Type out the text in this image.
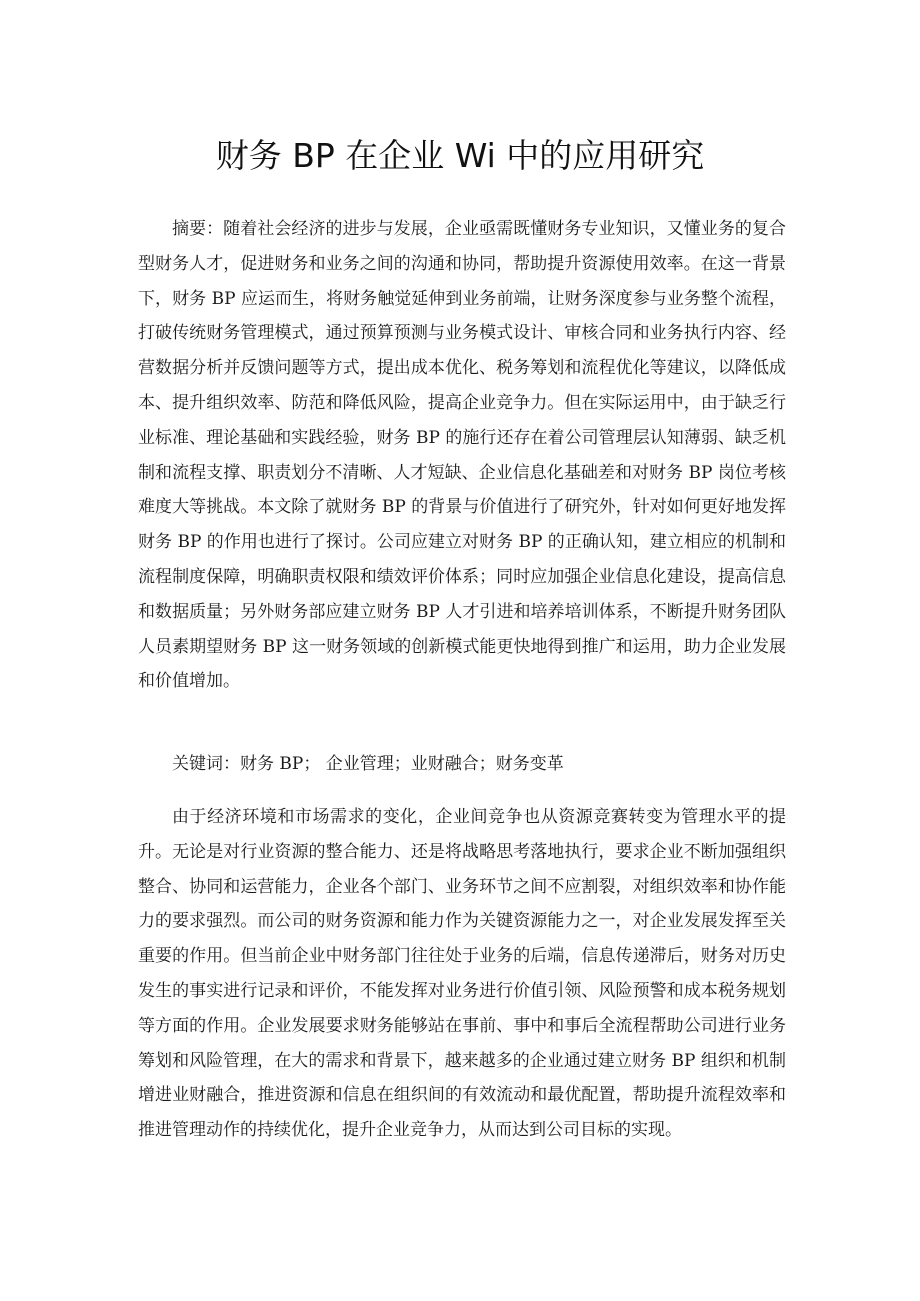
财务 BP 在企业 Wi 中的应用研究

摘要：随着社会经济的进步与发展，企业亟需既懂财务专业知识，又懂业务的复合型财务人才，促进财务和业务之间的沟通和协同，帮助提升资源使用效率。在这一背景下，财务 BP 应运而生，将财务触觉延伸到业务前端，让财务深度参与业务整个流程，打破传统财务管理模式，通过预算预测与业务模式设计、审核合同和业务执行内容、经营数据分析并反馈问题等方式，提出成本优化、税务筹划和流程优化等建议，以降低成本、提升组织效率、防范和降低风险，提高企业竞争力。但在实际运用中，由于缺乏行业标准、理论基础和实践经验，财务 BP 的施行还存在着公司管理层认知薄弱、缺乏机制和流程支撑、职责划分不清晰、人才短缺、企业信息化基础差和对财务 BP 岗位考核难度大等挑战。本文除了就财务 BP 的背景与价值进行了研究外，针对如何更好地发挥财务 BP 的作用也进行了探讨。公司应建立对财务 BP 的正确认知，建立相应的机制和流程制度保障，明确职责权限和绩效评价体系；同时应加强企业信息化建设，提高信息和数据质量；另外财务部应建立财务 BP 人才引进和培养培训体系，不断提升财务团队人员素期望财务 BP 这一财务领域的创新模式能更快地得到推广和运用，助力企业发展和价值增加。

关键词：财务 BP； 企业管理；业财融合；财务变革

由于经济环境和市场需求的变化，企业间竞争也从资源竞赛转变为管理水平的提升。无论是对行业资源的整合能力、还是将战略思考落地执行，要求企业不断加强组织整合、协同和运营能力，企业各个部门、业务环节之间不应割裂，对组织效率和协作能力的要求强烈。而公司的财务资源和能力作为关键资源能力之一，对企业发展发挥至关重要的作用。但当前企业中财务部门往往处于业务的后端，信息传递滞后，财务对历史发生的事实进行记录和评价，不能发挥对业务进行价值引领、风险预警和成本税务规划等方面的作用。企业发展要求财务能够站在事前、事中和事后全流程帮助公司进行业务筹划和风险管理，在大的需求和背景下，越来越多的企业通过建立财务 BP 组织和机制增进业财融合，推进资源和信息在组织间的有效流动和最优配置，帮助提升流程效率和推进管理动作的持续优化，提升企业竞争力，从而达到公司目标的实现。
